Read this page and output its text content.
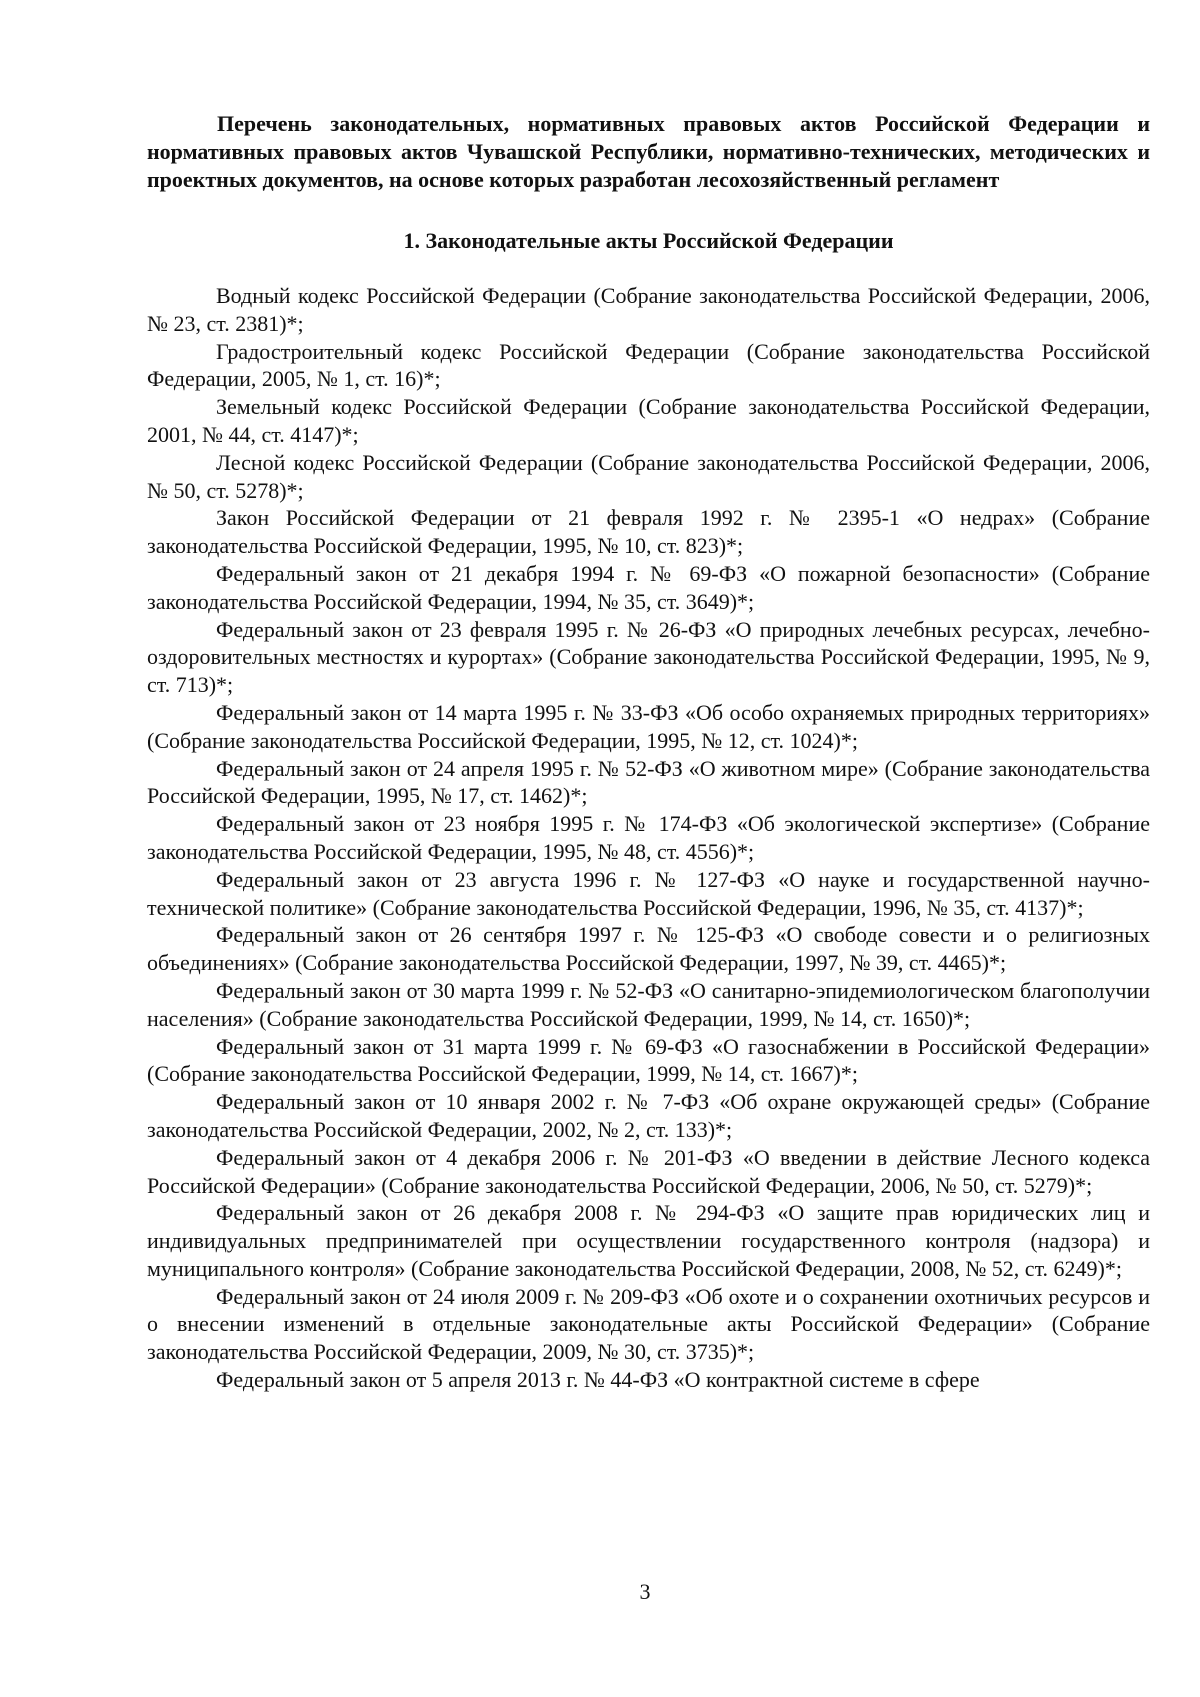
Перечень законодательных, нормативных правовых актов Российской Федерации и нормативных правовых актов Чувашской Республики, нормативно-технических, методических и проектных документов, на основе которых разработан лесохозяйственный регламент

1. Законодательные акты Российской Федерации

Водный кодекс Российской Федерации (Собрание законодательства Российской Федерации, 2006, № 23, ст. 2381)*;

Градостроительный кодекс Российской Федерации (Собрание законодательства Российской Федерации, 2005, № 1, ст. 16)*;

Земельный кодекс Российской Федерации (Собрание законодательства Российской Федерации, 2001, № 44, ст. 4147)*;

Лесной кодекс Российской Федерации (Собрание законодательства Российской Федерации, 2006, № 50, ст. 5278)*;

Закон Российской Федерации от 21 февраля 1992 г. № 2395-1 «О недрах» (Собрание законодательства Российской Федерации, 1995, № 10, ст. 823)*;

Федеральный закон от 21 декабря 1994 г. № 69-ФЗ «О пожарной безопасности» (Собрание законодательства Российской Федерации, 1994, № 35, ст. 3649)*;

Федеральный закон от 23 февраля 1995 г. № 26-ФЗ «О природных лечебных ресурсах, лечебно-оздоровительных местностях и курортах» (Собрание законодательства Российской Федерации, 1995, № 9, ст. 713)*;

Федеральный закон от 14 марта 1995 г. № 33-ФЗ «Об особо охраняемых природных территориях» (Собрание законодательства Российской Федерации, 1995, № 12, ст. 1024)*;

Федеральный закон от 24 апреля 1995 г. № 52-ФЗ «О животном мире» (Собрание законодательства Российской Федерации, 1995, № 17, ст. 1462)*;

Федеральный закон от 23 ноября 1995 г. № 174-ФЗ «Об экологической экспертизе» (Собрание законодательства Российской Федерации, 1995, № 48, ст. 4556)*;

Федеральный закон от 23 августа 1996 г. № 127-ФЗ «О науке и государственной научно-технической политике» (Собрание законодательства Российской Федерации, 1996, № 35, ст. 4137)*;

Федеральный закон от 26 сентября 1997 г. № 125-ФЗ «О свободе совести и о религиозных объединениях» (Собрание законодательства Российской Федерации, 1997, № 39, ст. 4465)*;

Федеральный закон от 30 марта 1999 г. № 52-ФЗ «О санитарно-эпидемиологическом благополучии населения» (Собрание законодательства Российской Федерации, 1999, № 14, ст. 1650)*;

Федеральный закон от 31 марта 1999 г. № 69-ФЗ «О газоснабжении в Российской Федерации» (Собрание законодательства Российской Федерации, 1999, № 14, ст. 1667)*;

Федеральный закон от 10 января 2002 г. № 7-ФЗ «Об охране окружающей среды» (Собрание законодательства Российской Федерации, 2002, № 2, ст. 133)*;

Федеральный закон от 4 декабря 2006 г. № 201-ФЗ «О введении в действие Лесного кодекса Российской Федерации» (Собрание законодательства Российской Федерации, 2006, № 50, ст. 5279)*;

Федеральный закон от 26 декабря 2008 г. № 294-ФЗ «О защите прав юридических лиц и индивидуальных предпринимателей при осуществлении государственного контроля (надзора) и муниципального контроля» (Собрание законодательства Российской Федерации, 2008, № 52, ст. 6249)*;

Федеральный закон от 24 июля 2009 г. № 209-ФЗ «Об охоте и о сохранении охотничьих ресурсов и о внесении изменений в отдельные законодательные акты Российской Федерации» (Собрание законодательства Российской Федерации, 2009, № 30, ст. 3735)*;

Федеральный закон от 5 апреля 2013 г. № 44-ФЗ «О контрактной системе в сфере

3
